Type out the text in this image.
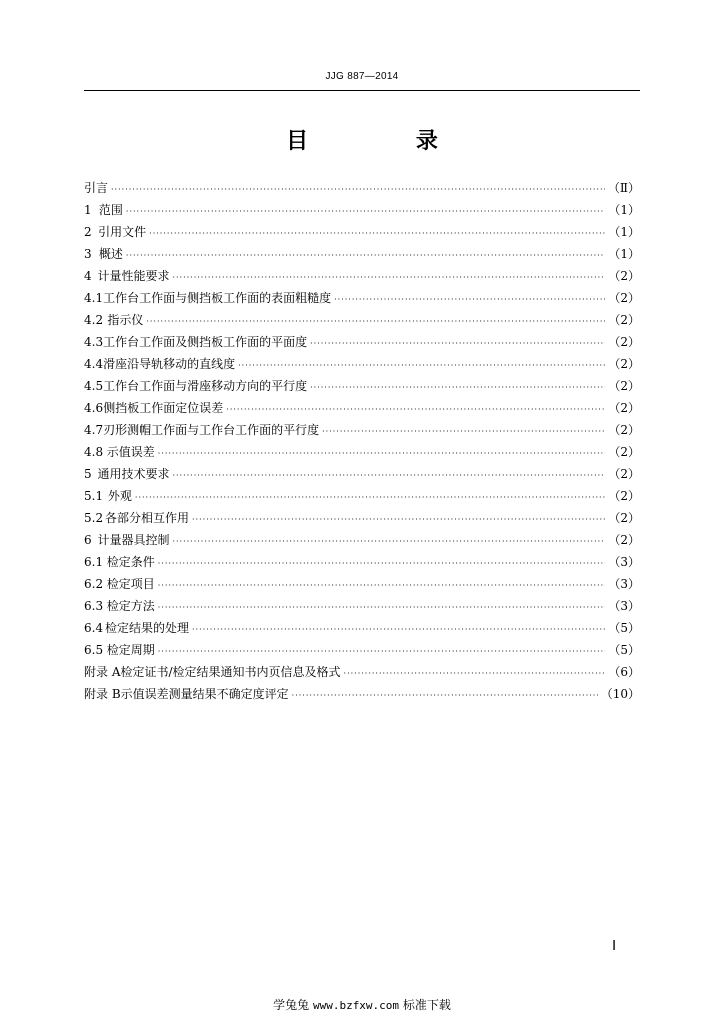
JJG 887—2014
目 录
引言 ·····	（Ⅱ）
1 范围 ·····	（1）
2 引用文件 ·····	（1）
3 概述 ·····	（1）
4 计量性能要求 ·····	（2）
4.1 工作台工作面与侧挡板工作面的表面粗糙度 ·····	（2）
4.2 指示仪 ·····	（2）
4.3 工作台工作面及侧挡板工作面的平面度 ·····	（2）
4.4 滑座沿导轨移动的直线度 ·····	（2）
4.5 工作台工作面与滑座移动方向的平行度 ·····	（2）
4.6 侧挡板工作面定位误差 ·····	（2）
4.7 刃形测帽工作面与工作台工作面的平行度 ·····	（2）
4.8 示值误差 ·····	（2）
5 通用技术要求 ·····	（2）
5.1 外观 ·····	（2）
5.2 各部分相互作用 ·····	（2）
6 计量器具控制 ·····	（2）
6.1 检定条件 ·····	（3）
6.2 检定项目 ·····	（3）
6.3 检定方法 ·····	（3）
6.4 检定结果的处理 ·····	（5）
6.5 检定周期 ·····	（5）
附录 A 检定证书/检定结果通知书内页信息及格式 ·····	（6）
附录 B 示值误差测量结果不确定度评定 ·····	（10）
Ⅰ
学兔兔 www.bzfxw.com 标准下载
